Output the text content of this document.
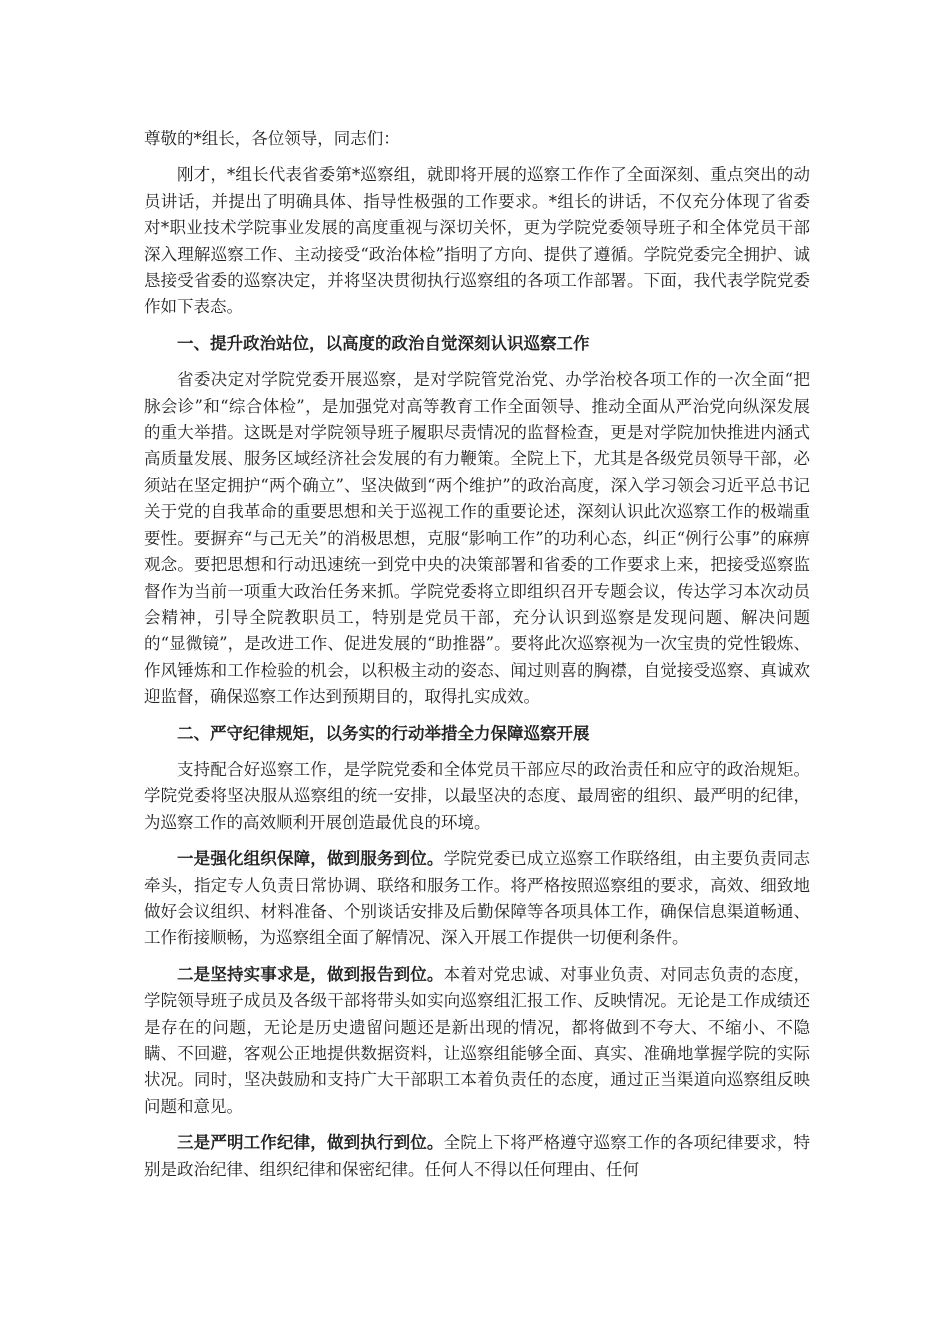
尊敬的*组长，各位领导，同志们：

刚才，*组长代表省委第*巡察组，就即将开展的巡察工作作了全面深刻、重点突出的动员讲话，并提出了明确具体、指导性极强的工作要求。*组长的讲话，不仅充分体现了省委对*职业技术学院事业发展的高度重视与深切关怀，更为学院党委领导班子和全体党员干部深入理解巡察工作、主动接受“政治体检”指明了方向、提供了遵循。学院党委完全拥护、诚恳接受省委的巡察决定，并将坚决贯彻执行巡察组的各项工作部署。下面，我代表学院党委作如下表态。

一、提升政治站位，以高度的政治自觉深刻认识巡察工作

省委决定对学院党委开展巡察，是对学院管党治党、办学治校各项工作的一次全面“把脉会诊”和“综合体检”，是加强党对高等教育工作全面领导、推动全面从严治党向纵深发展的重大举措。这既是对学院领导班子履职尽责情况的监督检查，更是对学院加快推进内涵式高质量发展、服务区域经济社会发展的有力鞭策。全院上下，尤其是各级党员领导干部，必须站在坚定拥护“两个确立”、坚决做到“两个维护”的政治高度，深入学习领会习近平总书记关于党的自我革命的重要思想和关于巡视工作的重要论述，深刻认识此次巡察工作的极端重要性。要摒弃“与己无关”的消极思想，克服“影响工作”的功利心态，纠正“例行公事”的麻痹观念。要把思想和行动迅速统一到党中央的决策部署和省委的工作要求上来，把接受巡察监督作为当前一项重大政治任务来抓。学院党委将立即组织召开专题会议，传达学习本次动员会精神，引导全院教职员工，特别是党员干部，充分认识到巡察是发现问题、解决问题的“显微镜”，是改进工作、促进发展的“助推器”。要将此次巡察视为一次宝贵的党性锻炼、作风锤炼和工作检验的机会，以积极主动的姿态、闻过则喜的胸襟，自觉接受巡察、真诚欢迎监督，确保巡察工作达到预期目的，取得扎实成效。

二、严守纪律规矩，以务实的行动举措全力保障巡察开展

支持配合好巡察工作，是学院党委和全体党员干部应尽的政治责任和应守的政治规矩。学院党委将坚决服从巡察组的统一安排，以最坚决的态度、最周密的组织、最严明的纪律，为巡察工作的高效顺利开展创造最优良的环境。

一是强化组织保障，做到服务到位。学院党委已成立巡察工作联络组，由主要负责同志牵头，指定专人负责日常协调、联络和服务工作。将严格按照巡察组的要求，高效、细致地做好会议组织、材料准备、个别谈话安排及后勤保障等各项具体工作，确保信息渠道畅通、工作衔接顺畅，为巡察组全面了解情况、深入开展工作提供一切便利条件。

二是坚持实事求是，做到报告到位。本着对党忠诚、对事业负责、对同志负责的态度，学院领导班子成员及各级干部将带头如实向巡察组汇报工作、反映情况。无论是工作成绩还是存在的问题，无论是历史遗留问题还是新出现的情况，都将做到不夸大、不缩小、不隐瞒、不回避，客观公正地提供数据资料，让巡察组能够全面、真实、准确地掌握学院的实际状况。同时，坚决鼓励和支持广大干部职工本着负责任的态度，通过正当渠道向巡察组反映问题和意见。

三是严明工作纪律，做到执行到位。全院上下将严格遵守巡察工作的各项纪律要求，特别是政治纪律、组织纪律和保密纪律。任何人不得以任何理由、任何
